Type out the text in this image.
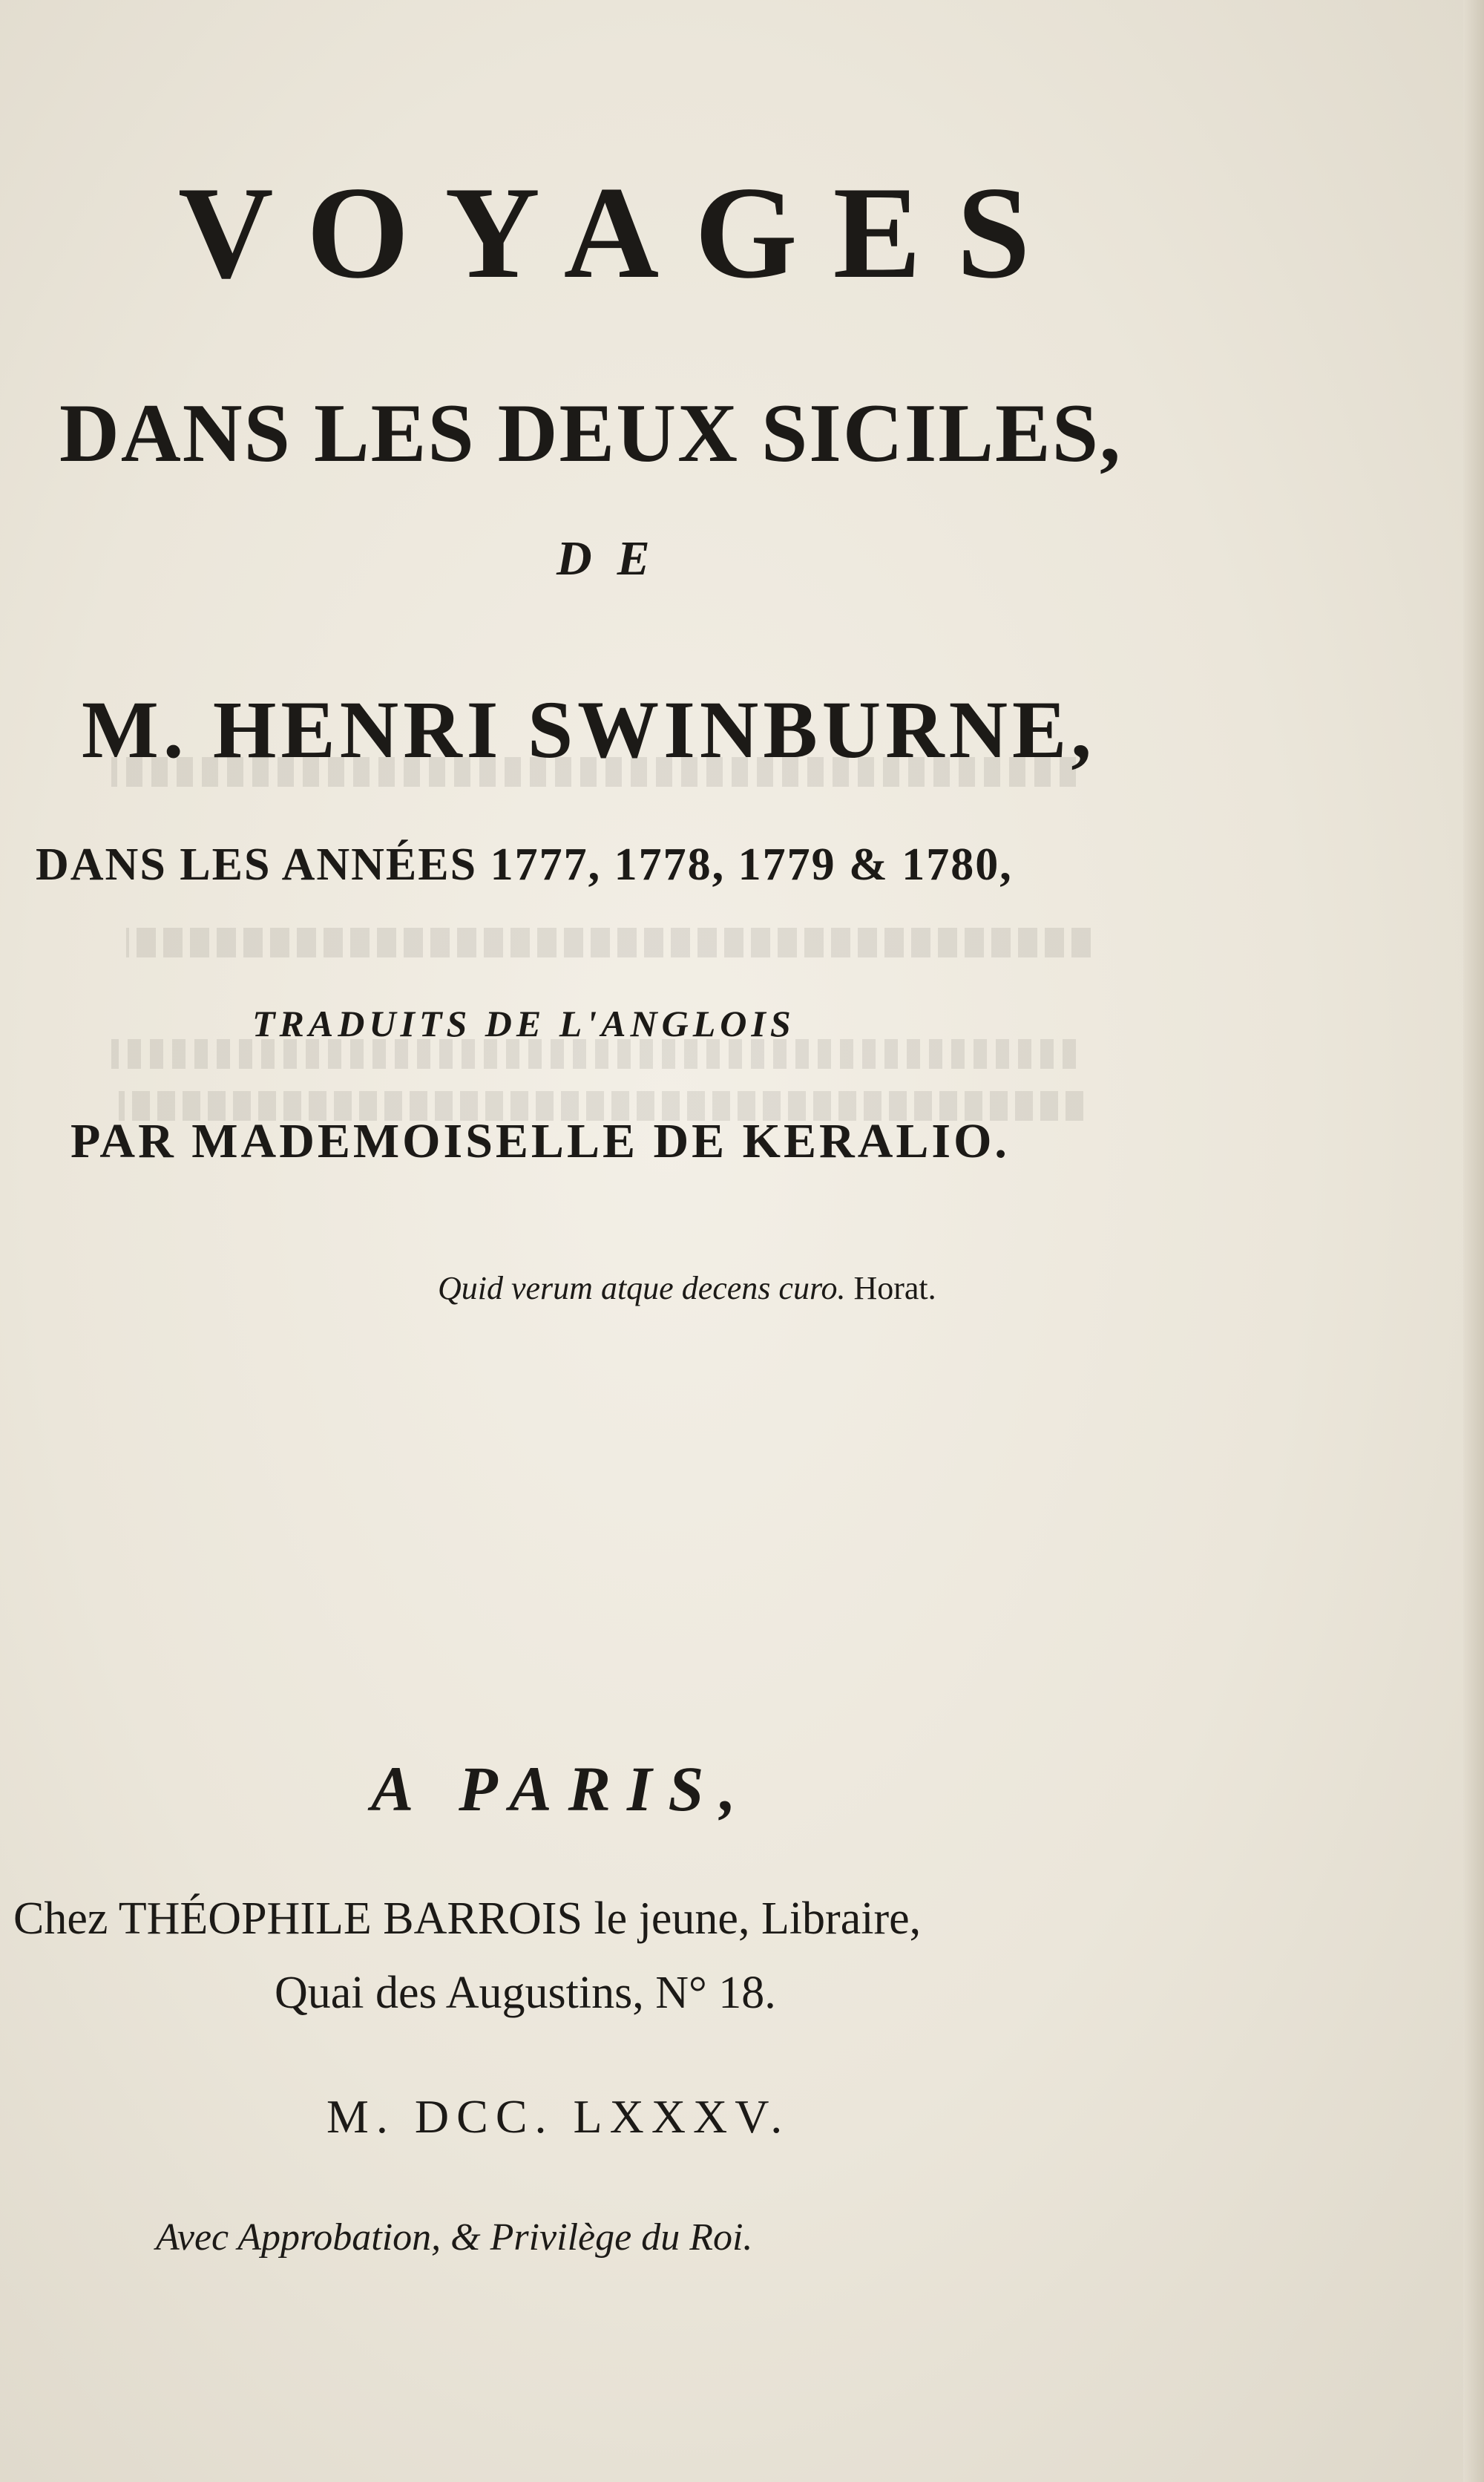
VOYAGES
DANS LES DEUX SICILES,
DE
M. HENRI SWINBURNE,
DANS LES ANNÉES 1777, 1778, 1779 & 1780,
TRADUITS DE L'ANGLOIS
PAR MADEMOISELLE DE KERALIO.
Quid verum atque decens curo. Horat.
A PARIS,
Chez THÉOPHILE BARROIS le jeune, Libraire,
Quai des Augustins, N° 18.
M. DCC. LXXXV.
Avec Approbation, & Privilège du Roi.
